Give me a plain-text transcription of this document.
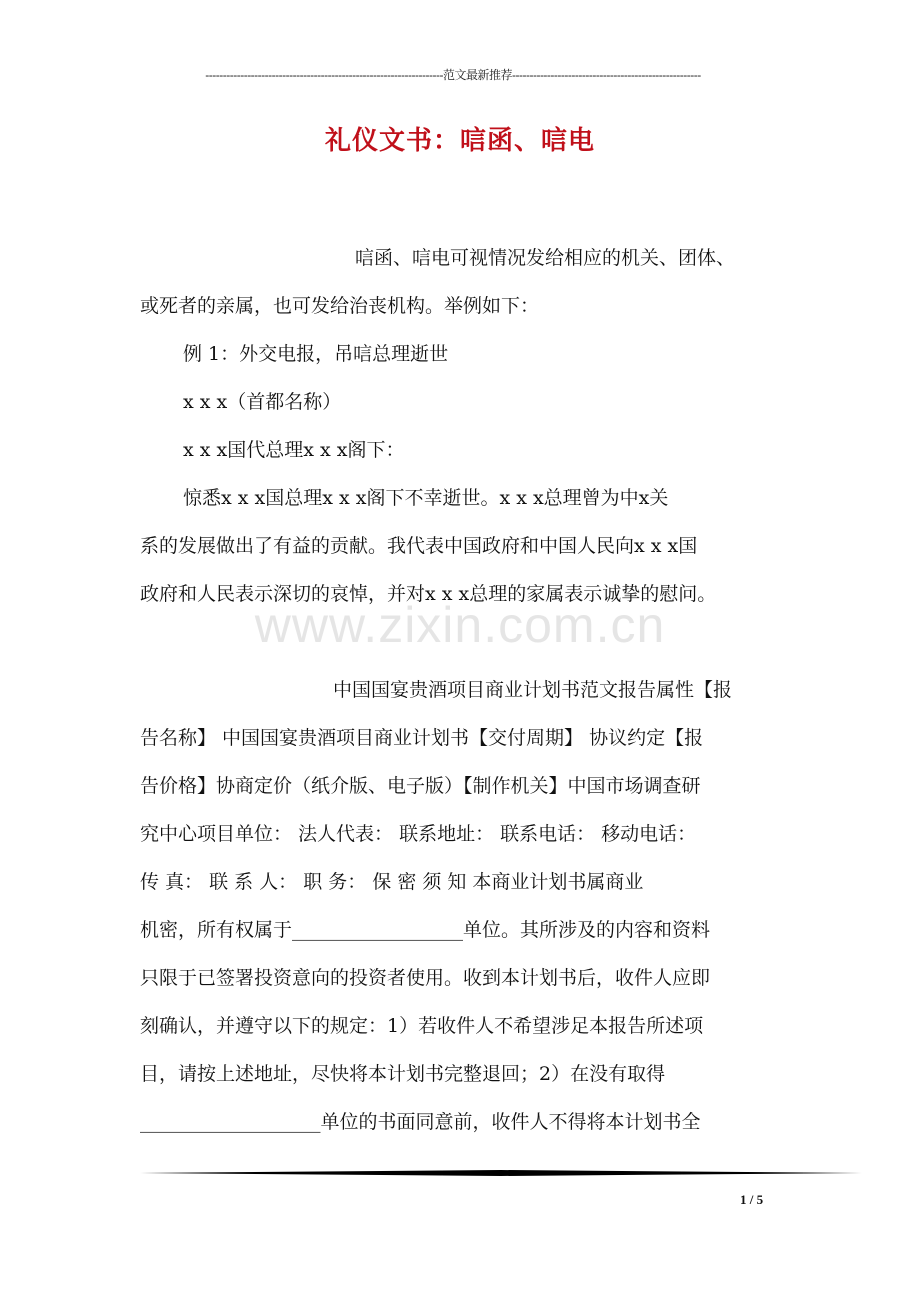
--------------------------------------------------------------------范文最新推荐------------------------------------------------------
礼仪文书：唁函、唁电

唁函、唁电可视情况发给相应的机关、团体、

或死者的亲属，也可发给治丧机构。举例如下：

例 1：外交电报，吊唁总理逝世

x x x（首都名称）

x x x国代总理x x x阁下：

惊悉x x x国总理x x x阁下不幸逝世。x x x总理曾为中x关

系的发展做出了有益的贡献。我代表中国政府和中国人民向x x x国

政府和人民表示深切的哀悼，并对x x x总理的家属表示诚挚的慰问。

www.zixin.com.cn

中国国宴贵酒项目商业计划书范文报告属性【报

告名称】 中国国宴贵酒项目商业计划书【交付周期】 协议约定【报

告价格】协商定价（纸介版、电子版）【制作机关】中国市场调查研

究中心项目单位： 法人代表： 联系地址： 联系电话： 移动电话：

传 真： 联 系 人： 职 务： 保 密 须 知 本商业计划书属商业

机密，所有权属于__________________单位。其所涉及的内容和资料

只限于已签署投资意向的投资者使用。收到本计划书后，收件人应即

刻确认，并遵守以下的规定：1）若收件人不希望涉足本报告所述项

目，请按上述地址，尽快将本计划书完整退回；2）在没有取得

___________________单位的书面同意前，收件人不得将本计划书全

1 / 5
